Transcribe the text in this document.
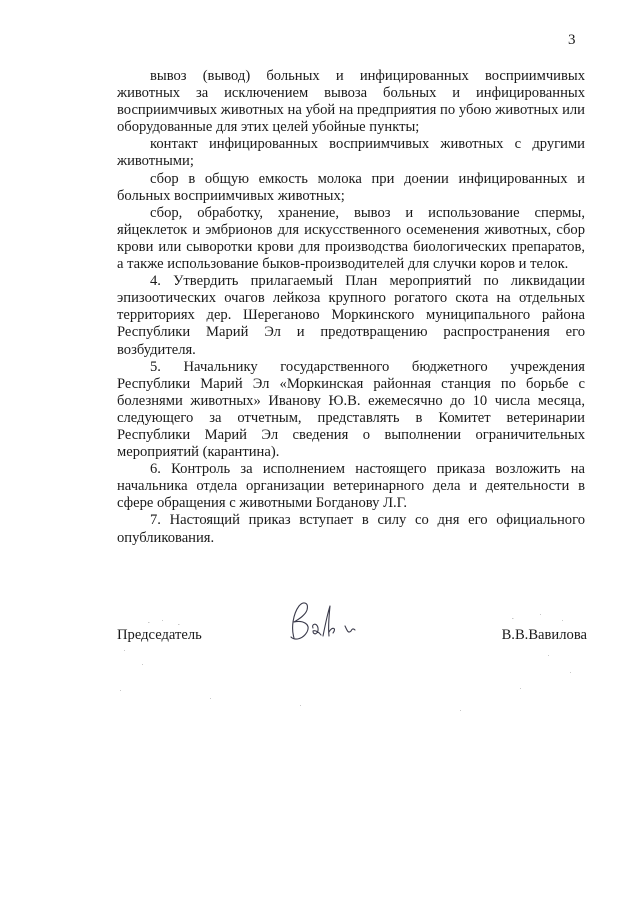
3

вывоз (вывод) больных и инфицированных восприимчивых животных за исключением вывоза больных и инфицированных восприимчивых животных на убой на предприятия по убою животных или оборудованные для этих целей убойные пункты;

контакт инфицированных восприимчивых животных с другими животными;

сбор в общую емкость молока при доении инфицированных и больных восприимчивых животных;

сбор, обработку, хранение, вывоз и использование спермы, яйцеклеток и эмбрионов для искусственного осеменения животных, сбор крови или сыворотки крови для производства биологических препаратов, а также использование быков-производителей для случки коров и телок.

4. Утвердить прилагаемый План мероприятий по ликвидации эпизоотических очагов лейкоза крупного рогатого скота на отдельных территориях дер. Шереганово Моркинского муниципального района Республики Марий Эл и предотвращению распространения его возбудителя.

5. Начальнику государственного бюджетного учреждения Республики Марий Эл «Моркинская районная станция по борьбе с болезнями животных» Иванову Ю.В. ежемесячно до 10 числа месяца, следующего за отчетным, представлять в Комитет ветеринарии Республики Марий Эл сведения о выполнении ограничительных мероприятий (карантина).

6. Контроль за исполнением настоящего приказа возложить на начальника отдела организации ветеринарного дела и деятельности в сфере обращения с животными Богданову Л.Г.

7. Настоящий приказ вступает в силу со дня его официального опубликования.

Председатель	В.В.Вавилова
